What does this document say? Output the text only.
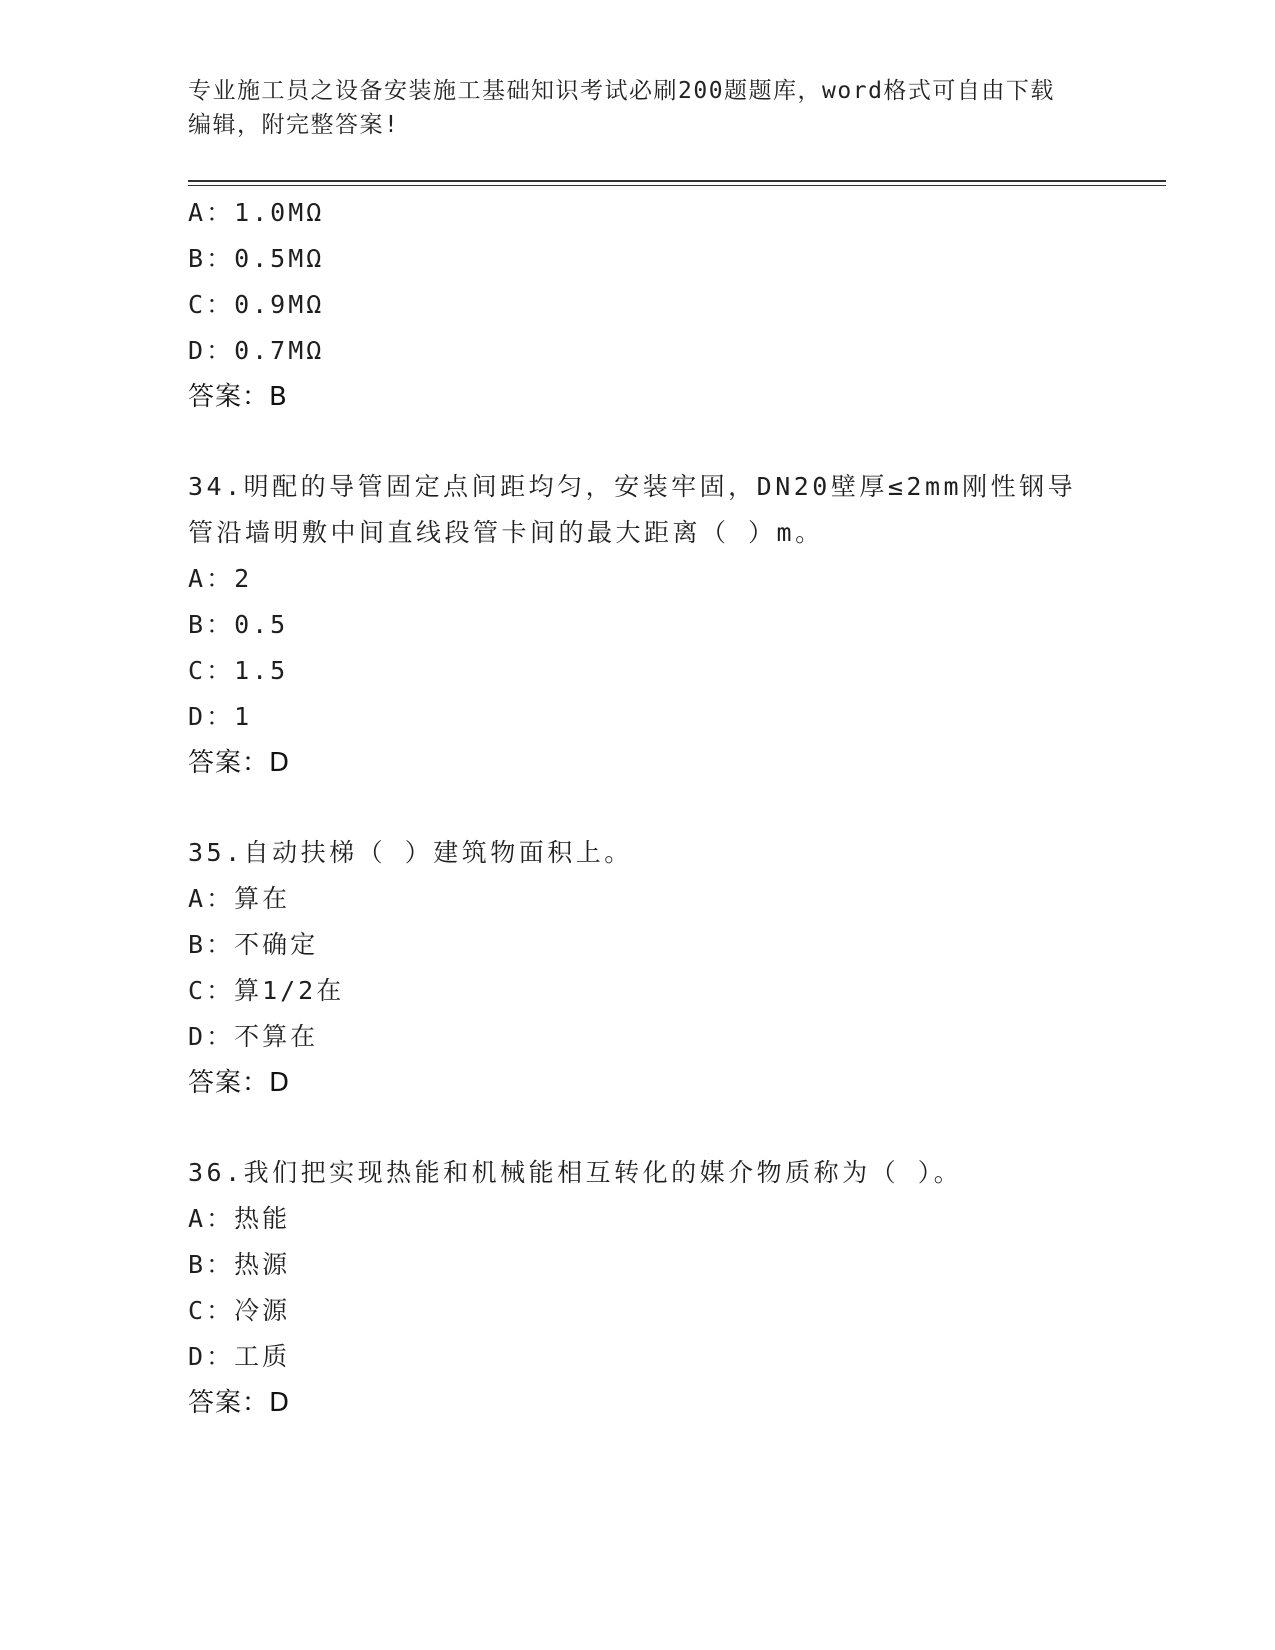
专业施工员之设备安装施工基础知识考试必刷200题题库，word格式可自由下载编辑，附完整答案!
A：1.0MΩ
B：0.5MΩ
C：0.9MΩ
D：0.7MΩ
答案：B
34.明配的导管固定点间距均匀，安装牢固，DN20壁厚≤2mm刚性钢导管沿墙明敷中间直线段管卡间的最大距离（ ）m。
A：2
B：0.5
C：1.5
D：1
答案：D
35.自动扶梯（ ）建筑物面积上。
A：算在
B：不确定
C：算1/2在
D：不算在
答案：D
36.我们把实现热能和机械能相互转化的媒介物质称为（ ）。
A：热能
B：热源
C：冷源
D：工质
答案：D
